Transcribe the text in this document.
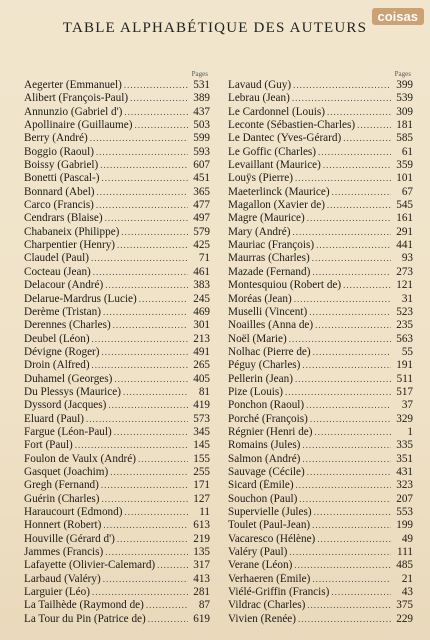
TABLE ALPHABÉTIQUE DES AUTEURS
coisas
Pages
Aegerter (Emmanuel) .....	531
Alibert (François-Paul) .....	389
Annunzio (Gabriel d') .....	437
Apollinaire (Guillaume) .....	503
Berry (André) .....	599
Boggio (Raoul) .....	593
Boissy (Gabriel) .....	607
Bonetti (Pascal-) .....	451
Bonnard (Abel) .....	365
Carco (Francis) .....	477
Cendrars (Blaise) .....	497
Chabaneix (Philippe) .....	579
Charpentier (Henry) .....	425
Claudel (Paul) .....	71
Cocteau (Jean) .....	461
Delacour (André) .....	383
Delarue-Mardrus (Lucie) .....	245
Derème (Tristan) .....	469
Derennes (Charles) .....	301
Deubel (Léon) .....	213
Dévigne (Roger) .....	491
Droin (Alfred) .....	265
Duhamel (Georges) .....	405
Du Plessys (Maurice) .....	81
Dyssord (Jacques) .....	419
Eluard (Paul) .....	573
Fargue (Léon-Paul) .....	345
Fort (Paul) .....	145
Foulon de Vaulx (André) .....	155
Gasquet (Joachim) .....	255
Gregh (Fernand) .....	171
Guérin (Charles) .....	127
Haraucourt (Edmond) .....	11
Honnert (Robert) .....	613
Houville (Gérard d') .....	219
Jammes (Francis) .....	135
Lafayette (Olivier-Calemard) .....	317
Larbaud (Valéry) .....	413
Larguier (Léo) .....	281
La Tailhède (Raymond de) .....	87
La Tour du Pin (Patrice de) .....	619
Pages
Lavaud (Guy) .....	399
Lebrau (Jean) .....	539
Le Cardonnel (Louis) .....	309
Leconte (Sébastien-Charles) .....	181
Le Dantec (Yves-Gérard) .....	585
Le Goffic (Charles) .....	61
Levaillant (Maurice) .....	359
Louÿs (Pierre) .....	101
Maeterlinck (Maurice) .....	67
Magallon (Xavier de) .....	545
Magre (Maurice) .....	161
Mary (André) .....	291
Mauriac (François) .....	441
Maurras (Charles) .....	93
Mazade (Fernand) .....	273
Montesquiou (Robert de) .....	121
Moréas (Jean) .....	31
Muselli (Vincent) .....	523
Noailles (Anna de) .....	235
Noël (Marie) .....	563
Nolhac (Pierre de) .....	55
Péguy (Charles) .....	191
Pellerin (Jean) .....	511
Pize (Louis) .....	517
Ponchon (Raoul) .....	37
Porché (François) .....	329
Régnier (Henri de) .....	1
Romains (Jules) .....	335
Salmon (André) .....	351
Sauvage (Cécile) .....	431
Sicard (Émile) .....	323
Souchon (Paul) .....	207
Supervielle (Jules) .....	553
Toulet (Paul-Jean) .....	199
Vacaresco (Hélène) .....	49
Valéry (Paul) .....	111
Verane (Léon) .....	485
Verhaeren (Émile) .....	21
Viélé-Griffin (Francis) .....	43
Vildrac (Charles) .....	375
Vivien (Renée) .....	229
